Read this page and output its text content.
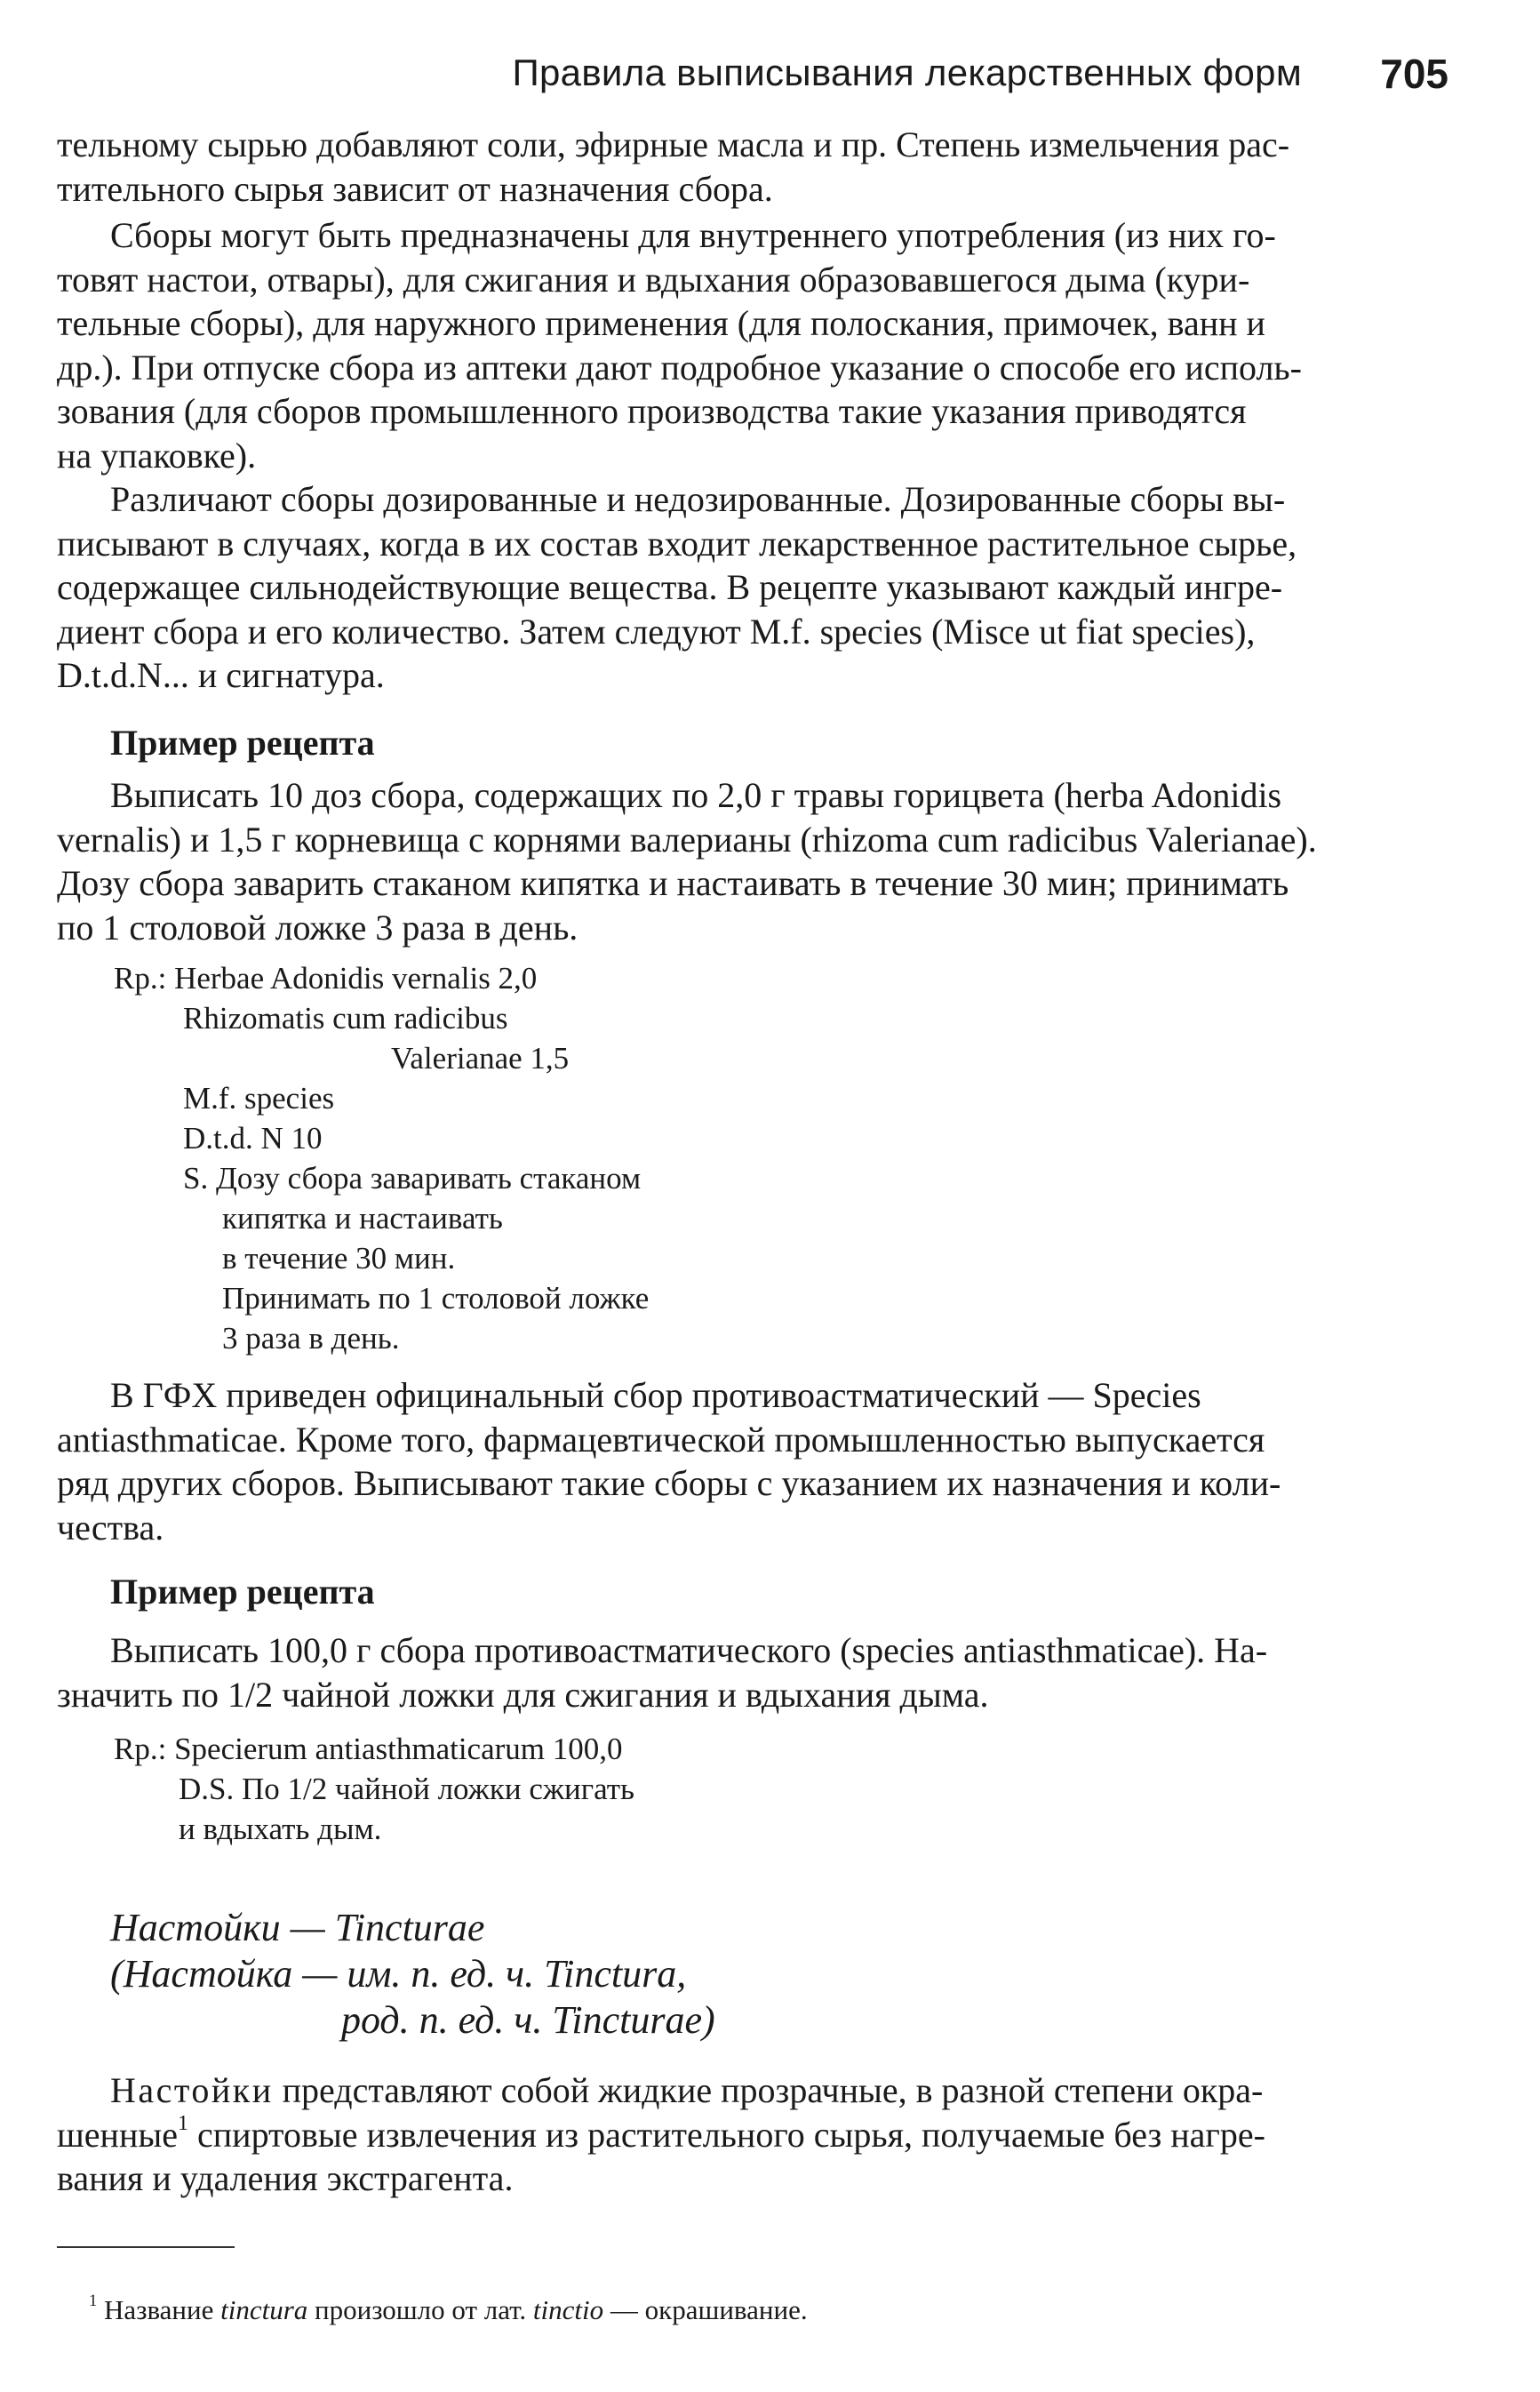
Правила выписывания лекарственных форм 705

тельному сырью добавляют соли, эфирные масла и пр. Степень измельчения рас-
тительного сырья зависит от назначения сбора.

Сборы могут быть предназначены для внутреннего употребления (из них го-
товят настои, отвары), для сжигания и вдыхания образовавшегося дыма (кури-
тельные сборы), для наружного применения (для полоскания, примочек, ванн и
др.). При отпуске сбора из аптеки дают подробное указание о способе его исполь-
зования (для сборов промышленного производства такие указания приводятся
на упаковке).

Различают сборы дозированные и недозированные. Дозированные сборы вы-
писывают в случаях, когда в их состав входит лекарственное растительное сырье,
содержащее сильнодействующие вещества. В рецепте указывают каждый ингре-
диент сбора и его количество. Затем следуют M.f. species (Misce ut fiat species),
D.t.d.N... и сигнатура.

Пример рецепта

Выписать 10 доз сбора, содержащих по 2,0 г травы горицвета (herba Adonidis
vernalis) и 1,5 г корневища с корнями валерианы (rhizoma cum radicibus Valerianae).
Дозу сбора заварить стаканом кипятка и настаивать в течение 30 мин; принимать
по 1 столовой ложке 3 раза в день.

Rp.: Herbae Adonidis vernalis 2,0
Rhizomatis cum radicibus
Valerianae 1,5
M.f. species
D.t.d. N 10
S. Дозу сбора заваривать стаканом
кипятка и настаивать
в течение 30 мин.
Принимать по 1 столовой ложке
3 раза в день.

В ГФХ приведен официнальный сбор противоастматический — Species
antiasthmaticae. Кроме того, фармацевтической промышленностью выпускается
ряд других сборов. Выписывают такие сборы с указанием их назначения и коли-
чества.

Пример рецепта

Выписать 100,0 г сбора противоастматического (species antiasthmaticae). На-
значить по 1/2 чайной ложки для сжигания и вдыхания дыма.

Rp.: Specierum antiasthmaticarum 100,0
D.S. По 1/2 чайной ложки сжигать
и вдыхать дым.
Настойки — Tincturae
(Настойка — им. п. ед. ч. Tinctura,
род. п. ед. ч. Tincturae)

Настойки представляют собой жидкие прозрачные, в разной степени окра-
шенные$^1$ спиртовые извлечения из растительного сырья, получаемые без нагре-
вания и удаления экстрагента.

$^1$ Название tinctura произошло от лат. tinctio — окрашивание.
